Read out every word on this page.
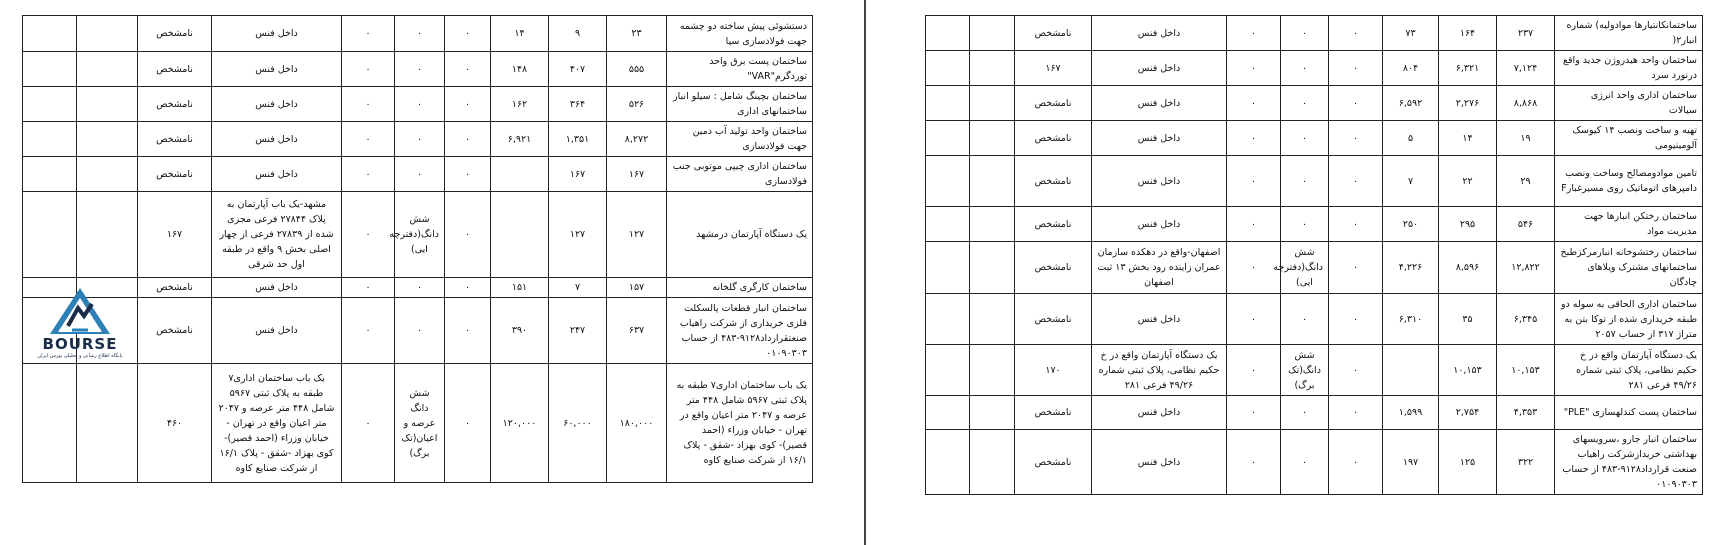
دستشوئی پیش ساخته دو چشمه جهت فولادسازی سپا	۲۳	۹	۱۴	۰	۰	۰	داخل فنس	نامشخص		
ساختمان پست برق واحد توردگرم"VAR"	۵۵۵	۴۰۷	۱۴۸	۰	۰	۰	داخل فنس	نامشخص		
ساختمان بچینگ شامل : سیلو انبار ساختمانهای اداری	۵۲۶	۳۶۴	۱۶۲	۰	۰	۰	داخل فنس	نامشخص		
ساختمان واحد تولید آب دمین جهت فولادسازی	۸,۲۷۲	۱,۳۵۱	۶,۹۲۱	۰	۰	۰	داخل فنس	نامشخص		
ساختمان اداری چیپی موتوبی جنب فولادسازی	۱۶۷	۱۶۷		۰	۰	۰	داخل فنس	نامشخص		
یک دستگاه آپارتمان درمشهد	۱۲۷	۱۲۷		۰	شش دانگ(دفترچه ایی)	۰	مشهد-یک باب آپارتمان به پلاک ۲۷۸۴۴ فرعی مجزی شده از ۲۷۸۳۹ فرعی از چهار اصلی بخش ۹ واقع در طبقه اول حد شرقی	۱۶۷		
ساختمان کارگری گلخانه	۱۵۷	۷	۱۵۱	۰	۰	۰	داخل فنس	نامشخص		
ساختمان انبار قطعات پالسکلت فلزی خریداری از شرکت راهیاب صنعتقرارداد۹۱۲۸-۴۸۳ از حساب ۰۱۰۹۰۳۰۳	۶۳۷	۲۴۷	۳۹۰	۰	۰	۰	داخل فنس	نامشخص		
یک باب ساختمان اداری۷ طبقه به پلاک ثبتی ۵۹۶۷ شامل ۴۴۸ متر عرصه و ۲۰۴۷ متر اعیان واقع در تهران - خیابان وزراء (احمد قصیر)- کوی بهزاد -شقق - پلاک ۱۶/۱ از شرکت صنایع کاوه	۱۸۰,۰۰۰	۶۰,۰۰۰	۱۲۰,۰۰۰	۰	شش دانگ عرصه و اعیان(تک برگ)	۰	یک باب ساختمان اداری۷ طبقه به پلاک ثبتی ۵۹۶۷ شامل ۴۴۸ متر عرصه و ۲۰۴۷ متر اعیان واقع در تهران - خیابان وزراء (احمد قصیر)- کوی بهزاد -شقق - پلاک ۱۶/۱ از شرکت صنایع کاوه	۴۶۰		
ساختمانکانتیارها موادولیه) شماره انبار۲(	۲۳۷	۱۶۴	۷۳	۰	۰	۰	داخل فنس	نامشخص		
ساختمان واحد هیدروژن جدید واقع درنورد سرد	۷,۱۲۴	۶,۳۲۱	۸۰۴	۰	۰	۰	داخل فنس	۱۶۷		
ساختمان اداری واحد انرژی سیالات	۸,۸۶۸	۲,۲۷۶	۶,۵۹۲	۰	۰	۰	داخل فنس	نامشخص		
تهیه و ساخت ونصب ۱۴ کیوسک آلومینیومی	۱۹	۱۴	۵	۰	۰	۰	داخل فنس	نامشخص		
تامین موادومصالح وساخت ونصب دامپرهای اتوماتیک روی مسیرغبارF	۲۹	۲۲	۷	۰	۰	۰	داخل فنس	نامشخص		
ساختمان رختکن انبارها جهت مدیریت مواد	۵۴۶	۲۹۵	۲۵۰	۰	۰	۰	داخل فنس	نامشخص		
ساختمان رختشوخانه انبارمرکزطبخ ساختمانهای مشترک ویلاهای چادگان	۱۲,۸۲۲	۸,۵۹۶	۴,۲۲۶	۰	شش دانگ(دفترچه ایی)	۰	اصفهان-واقع در دهکده سازمان عمران زاینده رود بخش ۱۳ ثبت اصفهان	نامشخص		
ساختمان اداری الحاقی به سوله دو طبقه خریداری شده از توکا بتن به متراژ ۳۱۷ از حساب ۲۰۵۷	۶,۳۴۵	۳۵	۶,۳۱۰	۰	۰	۰	داخل فنس	نامشخص		
یک دستگاه آپارتمان واقع در خ حکیم نظامی، پلاک ثبتی شماره ۴۹/۲۶ فرعی ۲۸۱	۱۰,۱۵۳	۱۰,۱۵۳		۰	شش دانگ(تک برگ)	۰	یک دستگاه آپارتمان واقع در خ حکیم نظامی، پلاک ثبتی شماره ۴۹/۲۶ فرعی ۲۸۱	۱۷۰		
ساختمان پست کندلهسازی "PLE"	۴,۳۵۳	۲,۷۵۴	۱,۵۹۹	۰	۰	۰	داخل فنس	نامشخص		
ساختمان انبار جارو ،سرویسهای بهداشتی خریدازشرکت راهیاب صنعت قرارداد۹۱۲۸-۴۸۳ از حساب ۰۱۰۹۰۳۰۳	۳۲۲	۱۲۵	۱۹۷	۰	۰	۰	داخل فنس	نامشخص		
BOURSE
پایگاه اطلاع رسانی و تحلیلی بورس ایران
